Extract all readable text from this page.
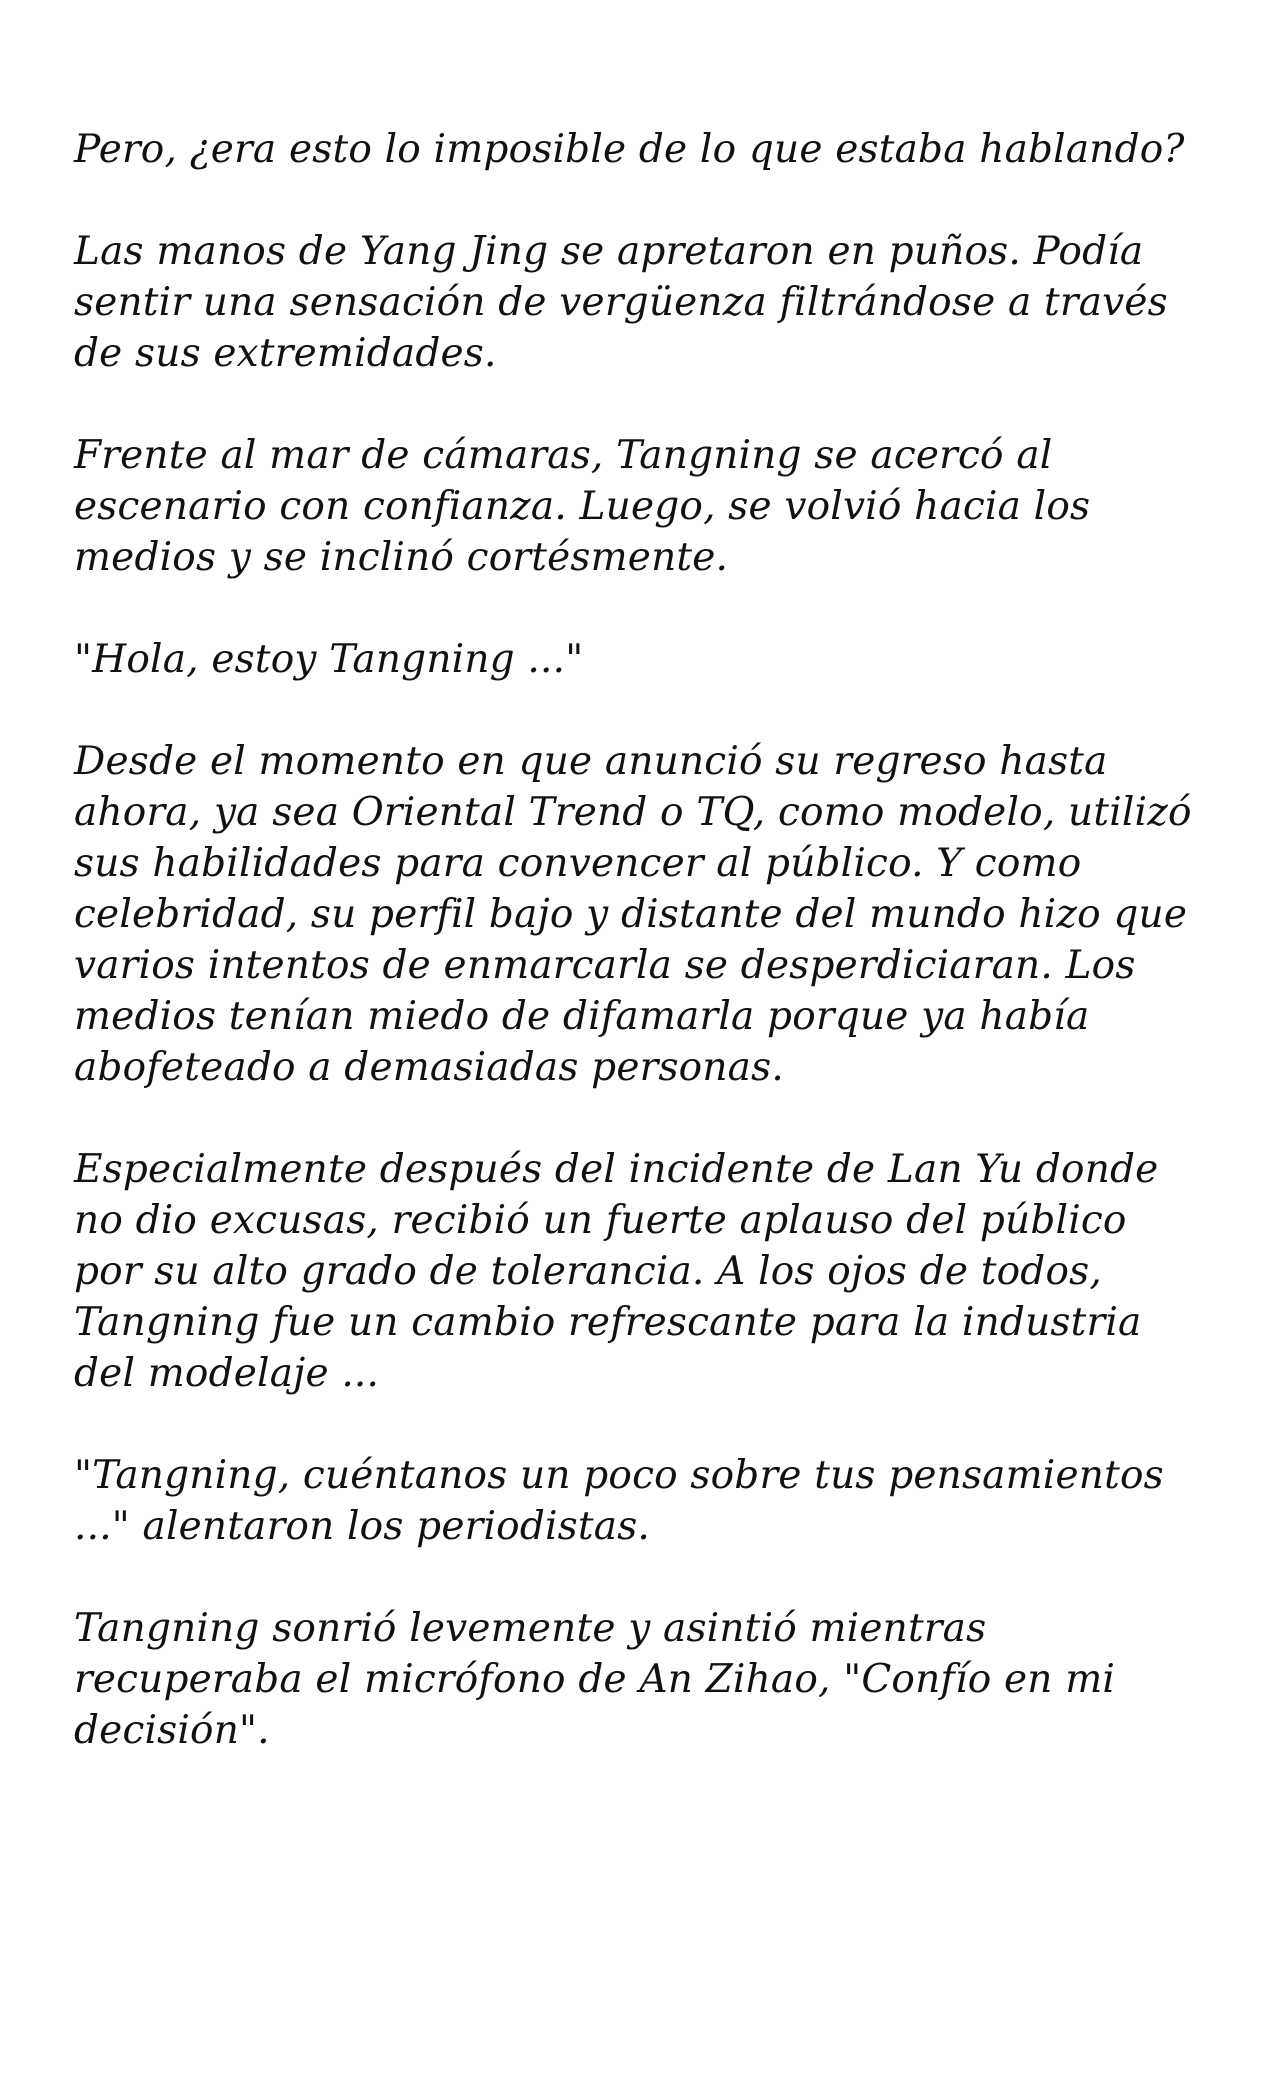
Pero, ¿era esto lo imposible de lo que estaba hablando?

Las manos de Yang Jing se apretaron en puños. Podía sentir una sensación de vergüenza filtrándose a través de sus extremidades.

Frente al mar de cámaras, Tangning se acercó al escenario con confianza. Luego, se volvió hacia los medios y se inclinó cortésmente.

"Hola, estoy Tangning ..."

Desde el momento en que anunció su regreso hasta ahora, ya sea Oriental Trend o TQ, como modelo, utilizó sus habilidades para convencer al público. Y como celebridad, su perfil bajo y distante del mundo hizo que varios intentos de enmarcarla se desperdiciaran. Los medios tenían miedo de difamarla porque ya había abofeteado a demasiadas personas.

Especialmente después del incidente de Lan Yu donde no dio excusas, recibió un fuerte aplauso del público por su alto grado de tolerancia. A los ojos de todos, Tangning fue un cambio refrescante para la industria del modelaje ...

"Tangning, cuéntanos un poco sobre tus pensamientos ..." alentaron los periodistas.

Tangning sonrió levemente y asintió mientras recuperaba el micrófono de An Zihao, "Confío en mi decisión".
